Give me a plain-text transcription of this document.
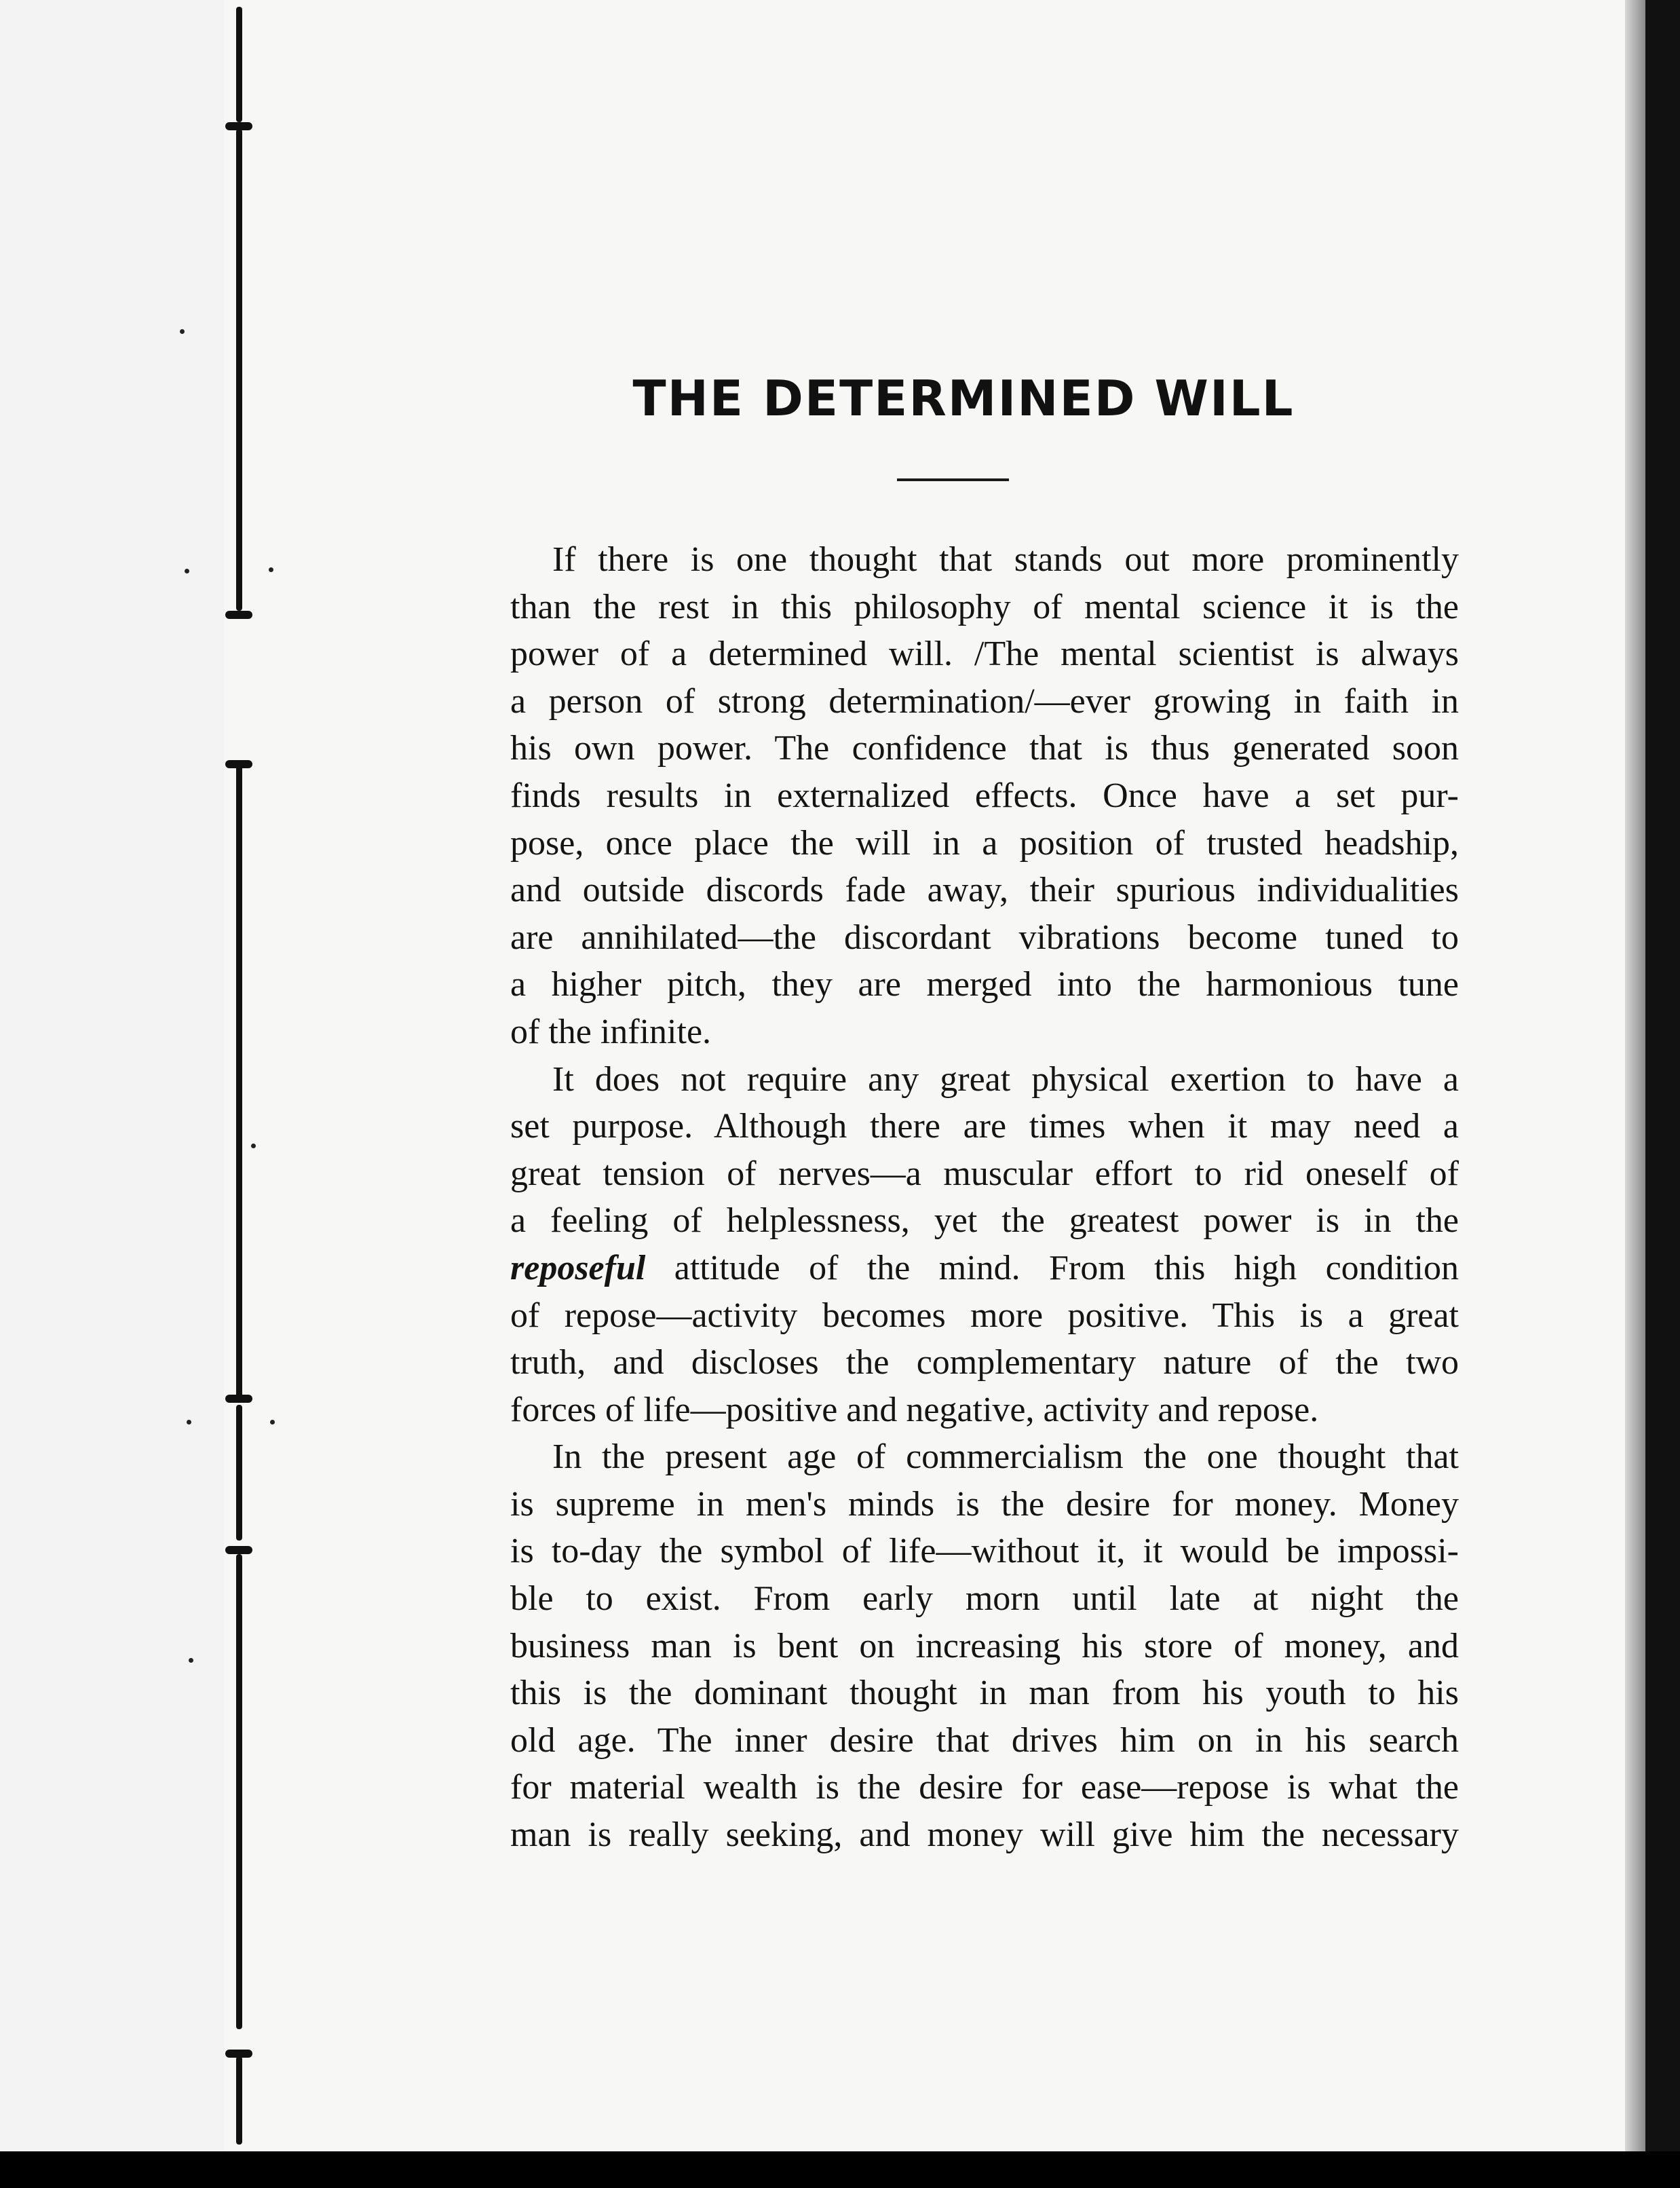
THE DETERMINED WILL
If there is one thought that stands out more prominently
than the rest in this philosophy of mental science it is the
power of a determined will. /The mental scientist is always
a person of strong determination/—ever growing in faith in
his own power. The confidence that is thus generated soon
finds results in externalized effects. Once have a set pur-
pose, once place the will in a position of trusted headship,
and outside discords fade away, their spurious individualities
are annihilated—the discordant vibrations become tuned to
a higher pitch, they are merged into the harmonious tune
of the infinite.
It does not require any great physical exertion to have a
set purpose. Although there are times when it may need a
great tension of nerves—a muscular effort to rid oneself of
a feeling of helplessness, yet the greatest power is in the
reposeful attitude of the mind. From this high condition
of repose—activity becomes more positive. This is a great
truth, and discloses the complementary nature of the two
forces of life—positive and negative, activity and repose.
In the present age of commercialism the one thought that
is supreme in men's minds is the desire for money. Money
is to-day the symbol of life—without it, it would be impossi-
ble to exist. From early morn until late at night the
business man is bent on increasing his store of money, and
this is the dominant thought in man from his youth to his
old age. The inner desire that drives him on in his search
for material wealth is the desire for ease—repose is what the
man is really seeking, and money will give him the necessary
